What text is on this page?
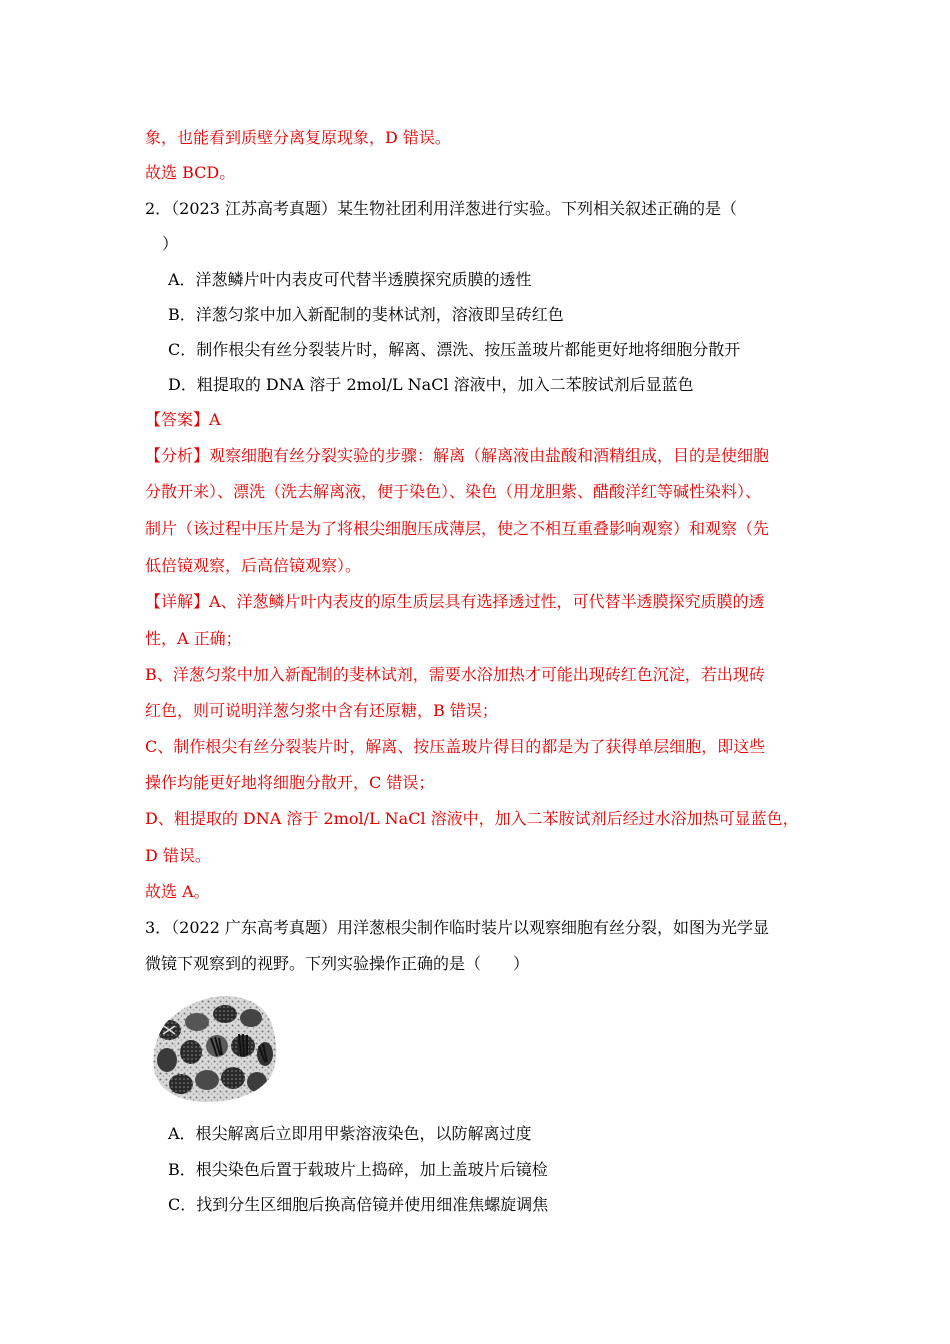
象，也能看到质壁分离复原现象，D 错误。
故选 BCD。
2．（2023 江苏高考真题）某生物社团利用洋葱进行实验。下列相关叙述正确的是（
）
A．洋葱鳞片叶内表皮可代替半透膜探究质膜的透性
B．洋葱匀浆中加入新配制的斐林试剂，溶液即呈砖红色
C．制作根尖有丝分裂装片时，解离、漂洗、按压盖玻片都能更好地将细胞分散开
D．粗提取的 DNA 溶于 2mol/L NaCl 溶液中，加入二苯胺试剂后显蓝色
【答案】A
【分析】观察细胞有丝分裂实验的步骤：解离（解离液由盐酸和酒精组成，目的是使细胞
分散开来）、漂洗（洗去解离液，便于染色）、染色（用龙胆紫、醋酸洋红等碱性染料）、
制片（该过程中压片是为了将根尖细胞压成薄层，使之不相互重叠影响观察）和观察（先
低倍镜观察，后高倍镜观察）。
【详解】A、洋葱鳞片叶内表皮的原生质层具有选择透过性，可代替半透膜探究质膜的透
性，A 正确；
B、洋葱匀浆中加入新配制的斐林试剂，需要水浴加热才可能出现砖红色沉淀，若出现砖
红色，则可说明洋葱匀浆中含有还原糖，B 错误；
C、制作根尖有丝分裂装片时，解离、按压盖玻片得目的都是为了获得单层细胞，即这些
操作均能更好地将细胞分散开，C 错误；
D、粗提取的 DNA 溶于 2mol/L NaCl 溶液中，加入二苯胺试剂后经过水浴加热可显蓝色，
D 错误。
故选 A。
3．（2022 广东高考真题）用洋葱根尖制作临时装片以观察细胞有丝分裂，如图为光学显
微镜下观察到的视野。下列实验操作正确的是（　　）
A．根尖解离后立即用甲紫溶液染色，以防解离过度
B．根尖染色后置于载玻片上捣碎，加上盖玻片后镜检
C．找到分生区细胞后换高倍镜并使用细准焦螺旋调焦
